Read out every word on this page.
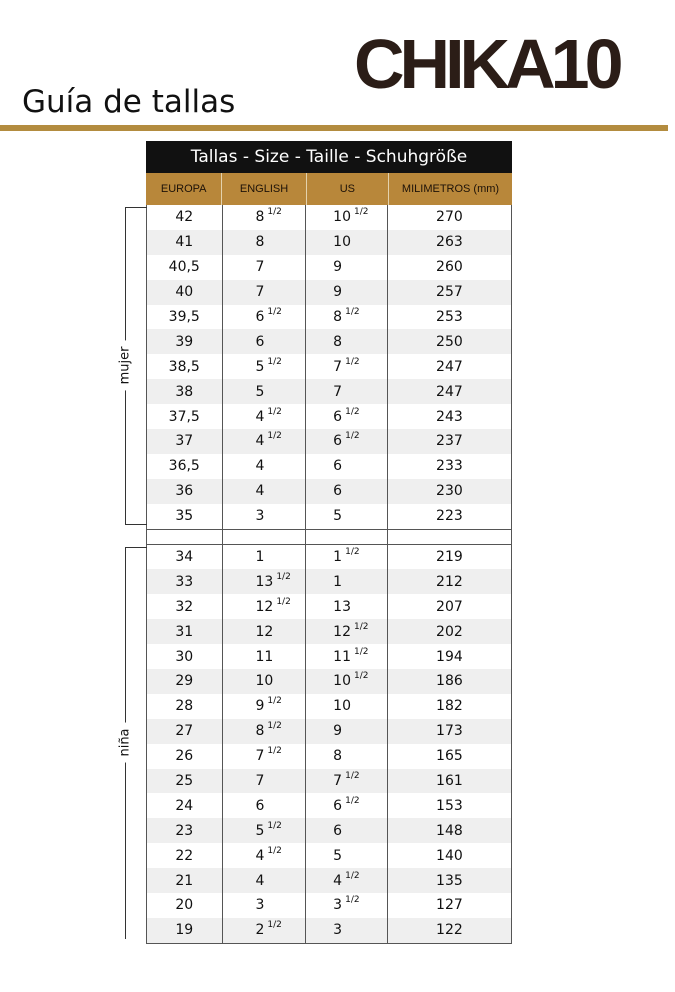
CHIKA10
Guía de tallas
Tallas - Size - Taille - Schuhgröße
EUROPA	ENGLISH	US	MILIMETROS (mm)
42	8 1/2	10 1/2	270
41	8	10	263
40,5	7	9	260
40	7	9	257
39,5	6 1/2	8 1/2	253
39	6	8	250
38,5	5 1/2	7 1/2	247
38	5	7	247
37,5	4 1/2	6 1/2	243
37	4 1/2	6 1/2	237
36,5	4	6	233
36	4	6	230
35	3	5	223
34	1	1 1/2	219
33	13 1/2	1	212
32	12 1/2	13	207
31	12	12 1/2	202
30	11	11 1/2	194
29	10	10 1/2	186
28	9 1/2	10	182
27	8 1/2	9	173
26	7 1/2	8	165
25	7	7 1/2	161
24	6	6 1/2	153
23	5 1/2	6	148
22	4 1/2	5	140
21	4	4 1/2	135
20	3	3 1/2	127
19	2 1/2	3	122
mujer
niña
